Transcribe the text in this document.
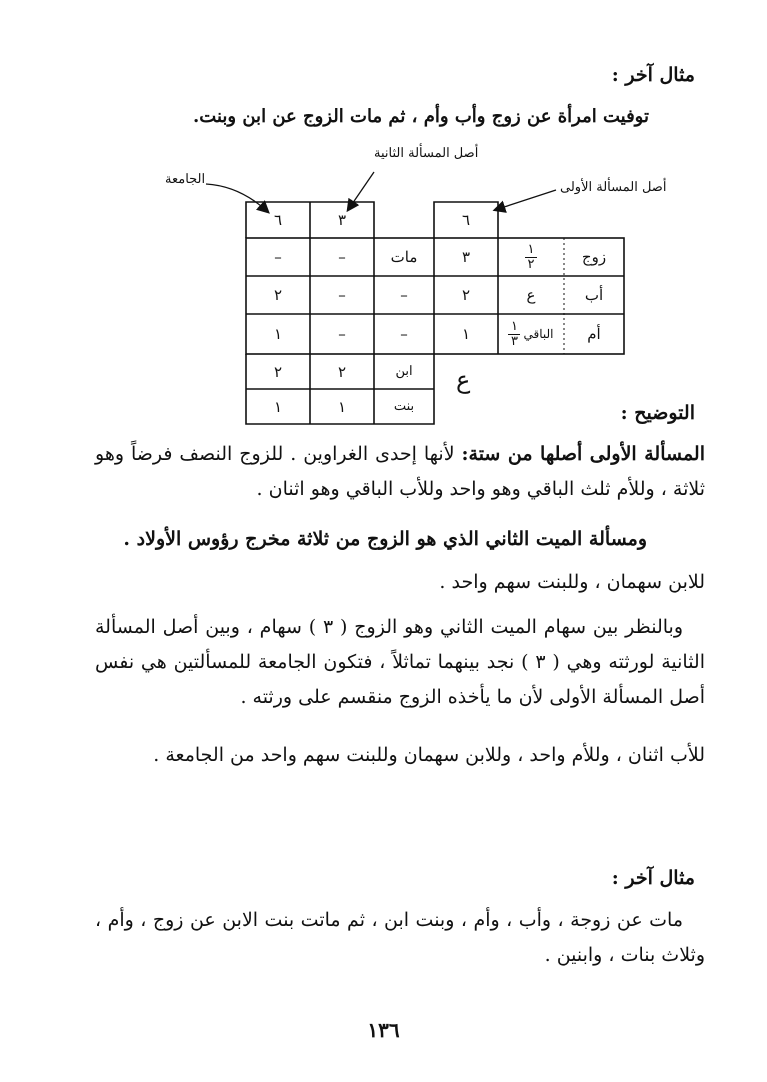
مثال آخر :
توفيت امرأة عن زوج وأب وأم ، ثم مات الزوج عن ابن وبنت.
أصل المسألة الثانية
الجامعة
أصل المسألة الأولى
٦	٣	٦
زوج
$\frac{١}{٢}$
٣
مات
–
–
أب
ع
٢
–
–
٢
أم
$\frac{١}{٣}$ الباقي
١
–
–
١
ابن
٢
٢
بنت
١
١
ع
التوضيح :
المسألة الأولى أصلها من ستة: لأنها إحدى الغراوين . للزوج النصف فرضاً وهو ثلاثة ، وللأم ثلث الباقي وهو واحد وللأب الباقي وهو اثنان .
ومسألة الميت الثاني الذي هو الزوج من ثلاثة مخرج رؤوس الأولاد .
للابن سهمان ، وللبنت سهم واحد .
وبالنظر بين سهام الميت الثاني وهو الزوج ( ٣ ) سهام ، وبين أصل المسألة الثانية لورثته وهي ( ٣ ) نجد بينهما تماثلاً ، فتكون الجامعة للمسألتين هي نفس أصل المسألة الأولى لأن ما يأخذه الزوج منقسم على ورثته .
للأب اثنان ، وللأم واحد ، وللابن سهمان وللبنت سهم واحد من الجامعة .
مثال آخر :
مات عن زوجة ، وأب ، وأم ، وبنت ابن ، ثم ماتت بنت الابن عن زوج ، وأم ، وثلاث بنات ، وابنين .
١٣٦
